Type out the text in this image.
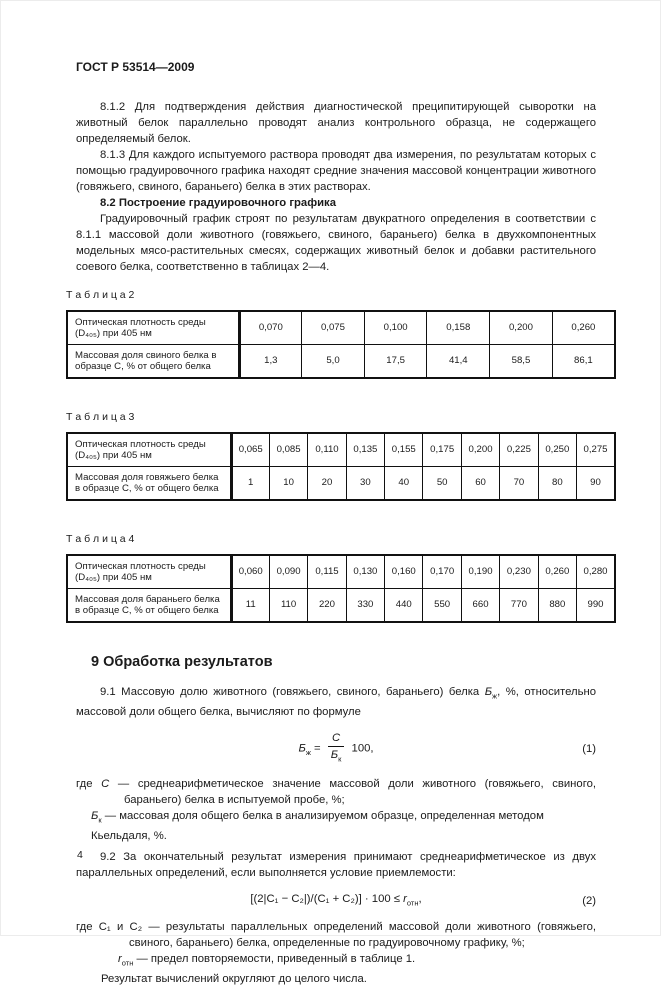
ГОСТ Р 53514—2009

8.1.2 Для подтверждения действия диагностической преципитирующей сыворотки на животный белок параллельно проводят анализ контрольного образца, не содержащего определяемый белок.

8.1.3 Для каждого испытуемого раствора проводят два измерения, по результатам которых с помощью градуировочного графика находят средние значения массовой концентрации животного (говяжьего, свиного, бараньего) белка в этих растворах.

8.2 Построение градуировочного графика

Градуировочный график строят по результатам двукратного определения в соответствии с 8.1.1 массовой доли животного (говяжьего, свиного, бараньего) белка в двухкомпонентных модельных мясо-растительных смесях, содержащих животный белок и добавки растительного соевого белка, соответственно в таблицах 2—4.

Т а б л и ц а 2
Оптическая плотность среды (D₄₀₅) при 405 нм	0,070	0,075	0,100	0,158	0,200	0,260
Массовая доля свиного белка в образце С, % от общего белка	1,3	5,0	17,5	41,4	58,5	86,1
Т а б л и ц а 3
Оптическая плотность среды (D₄₀₅) при 405 нм	0,065	0,085	0,110	0,135	0,155	0,175	0,200	0,225	0,250	0,275
Массовая доля говяжьего белка в образце С, % от общего белка	1	10	20	30	40	50	60	70	80	90
Т а б л и ц а 4
Оптическая плотность среды (D₄₀₅) при 405 нм	0,060	0,090	0,115	0,130	0,160	0,170	0,190	0,230	0,260	0,280
Массовая доля бараньего белка в образце С, % от общего белка	11	110	220	330	440	550	660	770	880	990
9 Обработка результатов

9.1 Массовую долю животного (говяжьего, свиного, бараньего) белка $Б_ж$, %, относительно массовой доли общего белка, вычисляют по формуле

$Б_ж = \frac{С}{Б_к} 100$,	(1)

где С — среднеарифметическое значение массовой доли животного (говяжьего, свиного, бараньего) белка в испытуемой пробе, %;

$Б_к$ — массовая доля общего белка в анализируемом образце, определенная методом Кьельдаля, %.

9.2 За окончательный результат измерения принимают среднеарифметическое из двух параллельных определений, если выполняется условие приемлемости:

$[(2|C_1 - C_2|)/(C_1 + C_2)] \cdot 100 \le r_{отн}$,	(2)

где C₁ и C₂ — результаты параллельных определений массовой доли животного (говяжьего, свиного, бараньего) белка, определенные по градуировочному графику, %;

$r_{отн}$ — предел повторяемости, приведенный в таблице 1.

Результат вычислений округляют до целого числа.

4
